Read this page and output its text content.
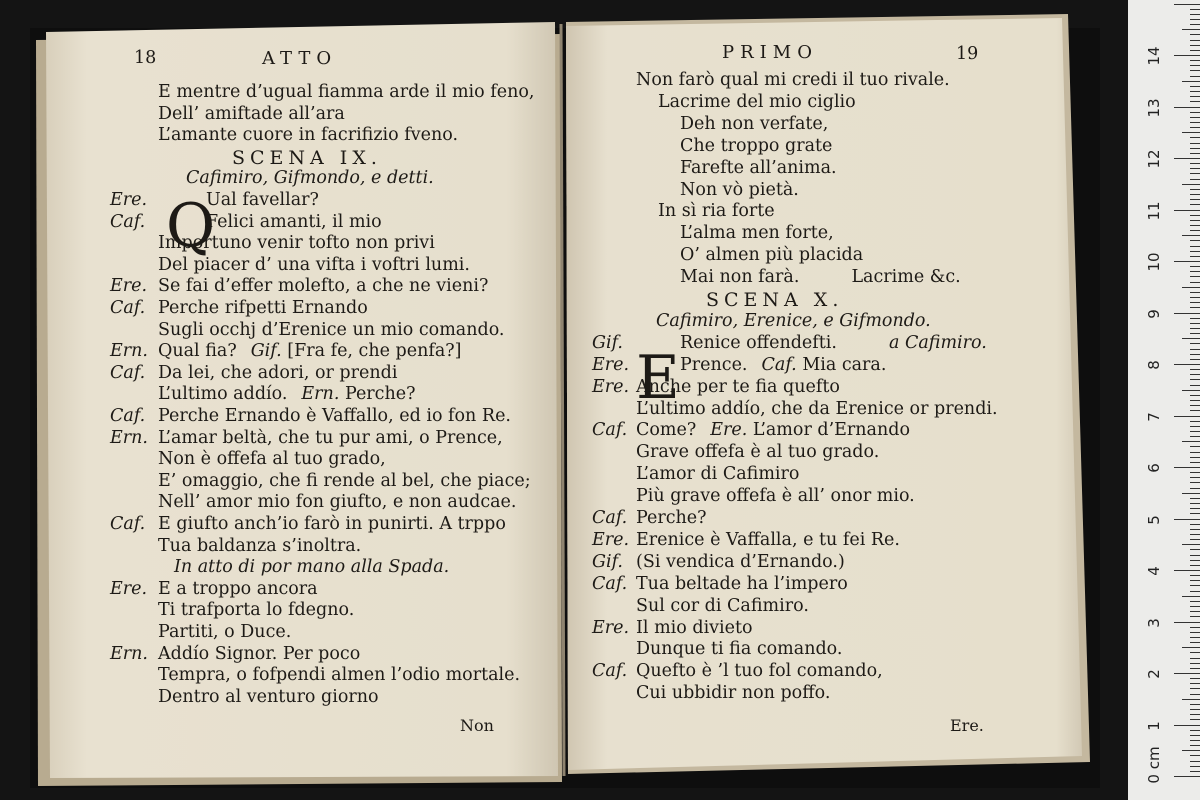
18	ATTO
Q
E mentre d’ugual fiamma arde il mio feno,
Dell’ amiftade all’ara
L’amante cuore in facrifizio fveno.
SCENA IX.
Cafimiro, Gifmondo, e detti.
Ere.	Ual favellar?
Caf.	Felici amanti, il mio
Importuno venir tofto non privi
Del piacer d’ una vifta i voftri lumi.
Ere. Se fai d’effer molefto, a che ne vieni?
Caf. Perche rifpetti Ernando
Sugli occhj d’Erenice un mio comando.
Ern. Qual fia? Gif. [Fra fe, che penfa?]
Caf. Da lei, che adori, or prendi
L’ultimo addío. Ern. Perche?
Caf. Perche Ernando è Vaffallo, ed io fon Re.
Ern. L’amar beltà, che tu pur ami, o Prence,
Non è offefa al tuo grado,
E’ omaggio, che fi rende al bel, che piace;
Nell’ amor mio fon giufto, e non audcae.
Caf. E giufto anch’io farò in punirti. A trppo
Tua baldanza s’inoltra.
In atto di por mano alla Spada.
Ere. E a troppo ancora
Ti trafporta lo fdegno.
Partiti, o Duce.
Ern. Addío Signor. Per poco
Tempra, o fofpendi almen l’odio mortale.
Dentro al venturo giorno
Non
19
PRIMO
E
Non farò qual mi credi il tuo rivale.
Lacrime del mio ciglio
Deh non verfate,
Che troppo grate
Farefte all’anima.
Non vò pietà.
In sì ria forte
L’alma men forte,
O’ almen più placida
Mai non farà.	Lacrime &c.
SCENA X.
Cafimiro, Erenice, e Gifmondo.
Gif.	Renice offendefti.	a Cafimiro.
Ere.	Prence. Caf. Mia cara.
Ere. Anche per te fia quefto
L’ultimo addío, che da Erenice or prendi.
Caf. Come? Ere. L’amor d’Ernando
Grave offefa è al tuo grado.
L’amor di Cafimiro
Più grave offefa è all’ onor mio.
Caf. Perche?
Ere. Erenice è Vaffalla, e tu fei Re.
Gif. (Si vendica d’Ernando.)
Caf. Tua beltade ha l’impero
Sul cor di Cafimiro.
Ere. Il mio divieto
Dunque ti fia comando.
Caf. Quefto è ’l tuo fol comando,
Cui ubbidir non poffo.
Ere.
0 cm
1
2
3
4
5
6
7
8
9
10
11
12
13
14
